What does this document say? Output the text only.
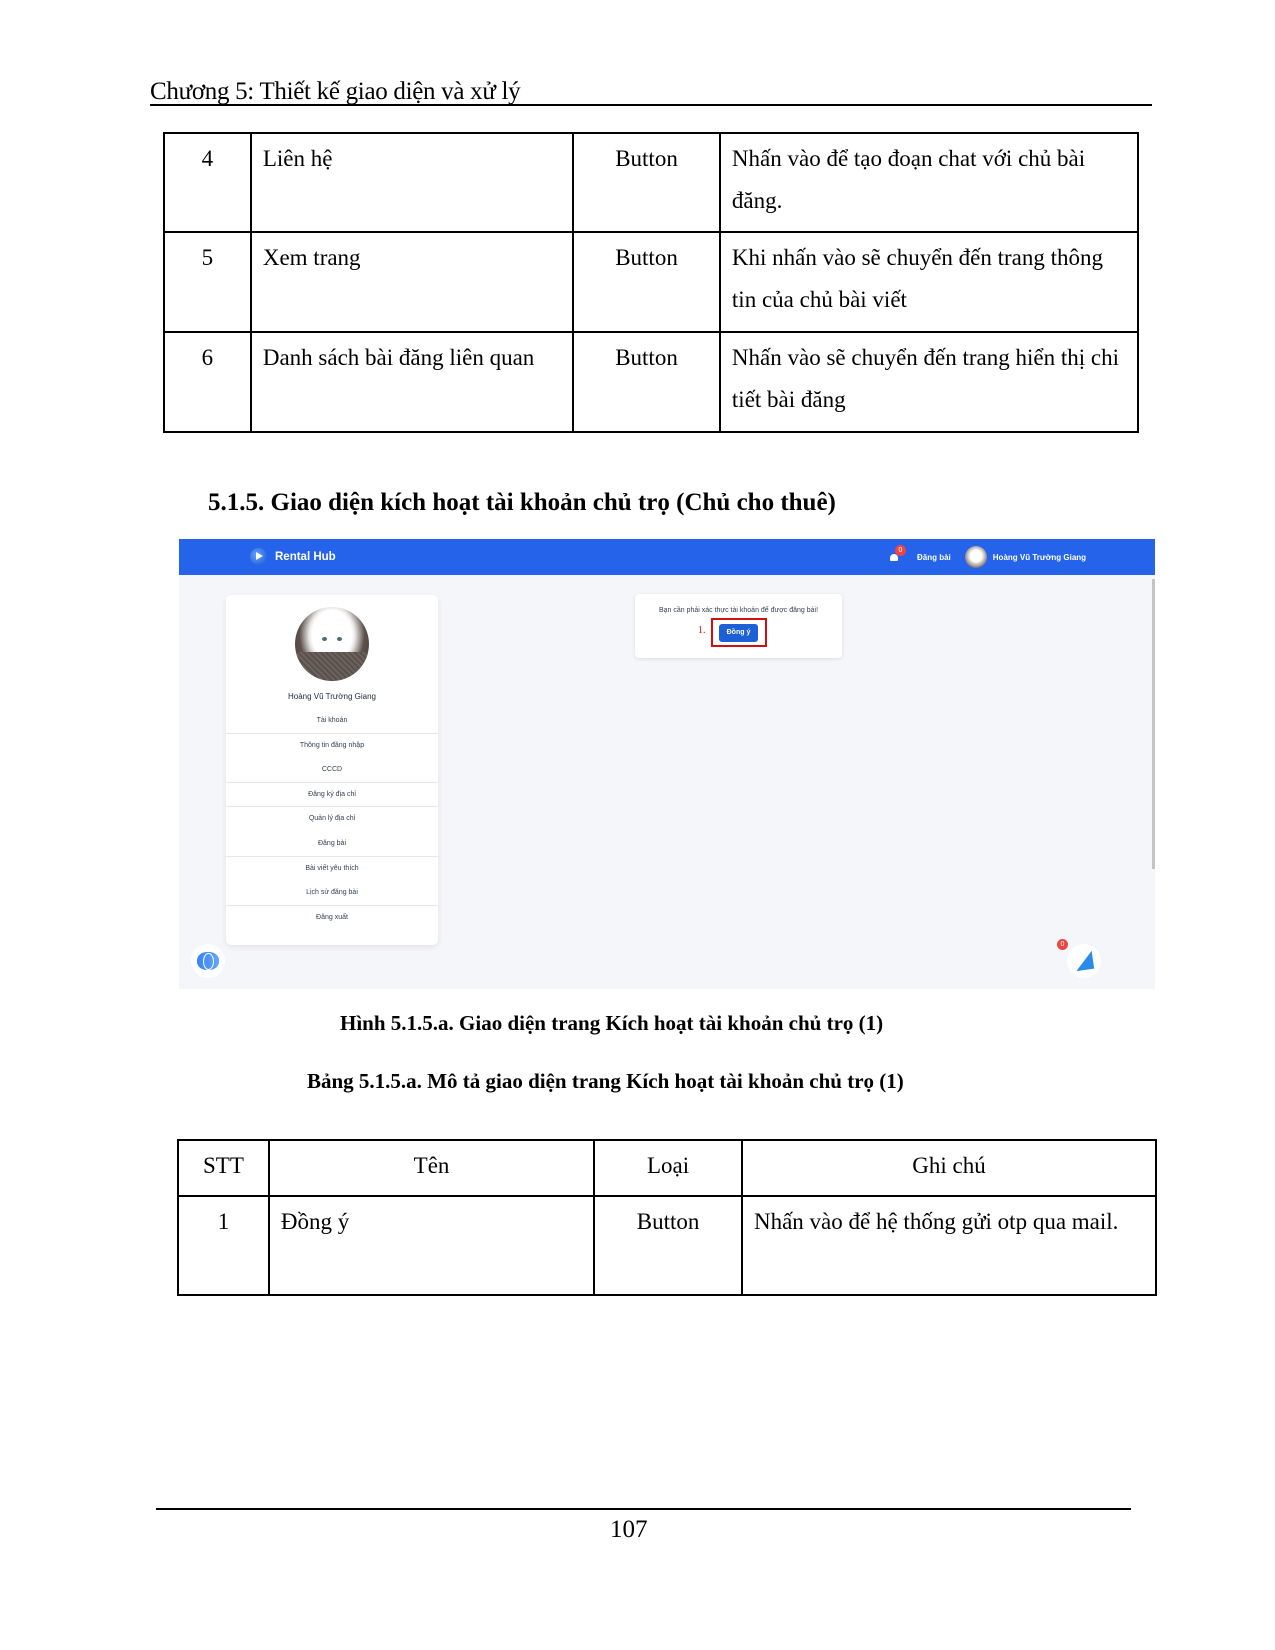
Chương 5: Thiết kế giao diện và xử lý
4	Liên hệ	Button	Nhấn vào để tạo đoạn chat với chủ bài đăng.
5	Xem trang	Button	Khi nhấn vào sẽ chuyển đến trang thông tin của chủ bài viết
6	Danh sách bài đăng liên quan	Button	Nhấn vào sẽ chuyển đến trang hiển thị chi tiết bài đăng
5.1.5. Giao diện kích hoạt tài khoản chủ trọ (Chủ cho thuê)
Rental Hub	0
Đăng bài	Hoàng Vũ Trường Giang
Hoàng Vũ Trường Giang
Tài khoản
Thông tin đăng nhập
CCCD
Đăng ký địa chỉ
Quản lý địa chỉ
Đăng bài
Bài viết yêu thích
Lịch sử đăng bài
Đăng xuất
Bạn cần phải xác thực tài khoản để được đăng bài!
1.	Đồng ý
0
Hình 5.1.5.a. Giao diện trang Kích hoạt tài khoản chủ trọ (1)
Bảng 5.1.5.a. Mô tả giao diện trang Kích hoạt tài khoản chủ trọ (1)
STT	Tên	Loại	Ghi chú
1	Đồng ý	Button	Nhấn vào để hệ thống gửi otp qua mail.
107
